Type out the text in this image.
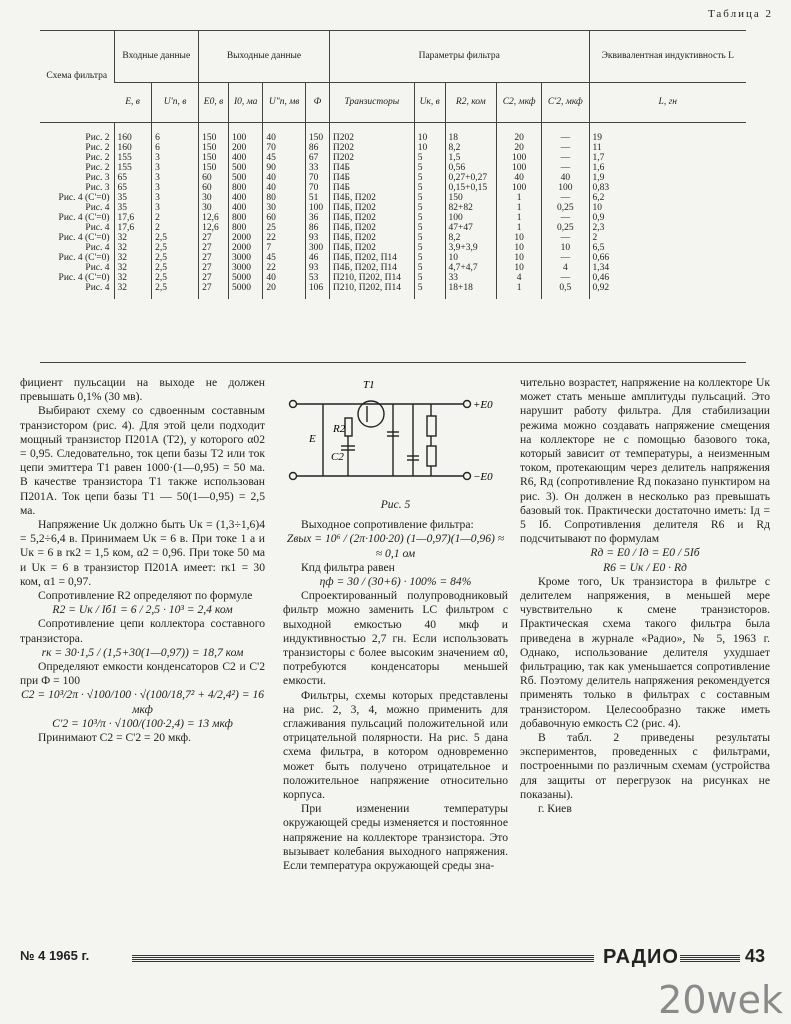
Таблица 2
Схема фильтра	Входные данные		Выходные данные				Параметры фильтра					Эквивалентная индуктивность L
	E, в	U'п, в	E0, в	I0, ма	U"п, мв	Ф	Транзисторы	Uк, в	R2, ком	C2, мкф	C'2, мкф	L, гн
Рис. 2	160	6	150	100	40	150	П202	10	18	20	—	19
Рис. 2	160	6	150	200	70	86	П202	10	8,2	20	—	11
Рис. 2	155	3	150	400	45	67	П202	5	1,5	100	—	1,7
Рис. 2	155	3	150	500	90	33	П4Б	5	0,56	100	—	1,6
Рис. 3	65	3	60	500	40	70	П4Б	5	0,27+0,27	40	40	1,9
Рис. 3	65	3	60	800	40	70	П4Б	5	0,15+0,15	100	100	0,83
Рис. 4 (C'=0)	35	3	30	400	80	51	П4Б, П202	5	150	1	—	6,2
Рис. 4	35	3	30	400	30	100	П4Б, П202	5	82+82	1	0,25	10
Рис. 4 (C'=0)	17,6	2	12,6	800	60	36	П4Б, П202	5	100	1	—	0,9
Рис. 4	17,6	2	12,6	800	25	86	П4Б, П202	5	47+47	1	0,25	2,3
Рис. 4 (C'=0)	32	2,5	27	2000	22	93	П4Б, П202	5	8,2	10	—	2
Рис. 4	32	2,5	27	2000	7	300	П4Б, П202	5	3,9+3,9	10	10	6,5
Рис. 4 (C'=0)	32	2,5	27	3000	45	46	П4Б, П202, П14	5	10	10	—	0,66
Рис. 4	32	2,5	27	3000	22	93	П4Б, П202, П14	5	4,7+4,7	10	4	1,34
Рис. 4 (C'=0)	32	2,5	27	5000	40	53	П210, П202, П14	5	33	4	—	0,46
Рис. 4	32	2,5	27	5000	20	106	П210, П202, П14	5	18+18	1	0,5	0,92

фициент пульсации на выходе не должен превышать 0,1% (30 мв).

Выбирают схему со сдвоенным составным транзистором (рис. 4). Для этой цели подходит мощный транзистор П201А (T2), у которого α02 = 0,95. Следовательно, ток цепи базы T2 или ток цепи эмиттера T1 равен 1000·(1—0,95) = 50 ма. В качестве транзистора T1 также использован П201А. Ток цепи базы T1 — 50(1—0,95) = 2,5 ма.

Напряжение Uк должно быть Uк = (1,3÷1,6)4 = 5,2÷6,4 в. Принимаем Uк = 6 в. При токе 1 а и Uк = 6 в rк2 = 1,5 ком, α2 = 0,96. При токе 50 ма и Uк = 6 в транзистор П201А имеет: rк1 = 30 ком, α1 = 0,97.

Сопротивление R2 определяют по формуле

R2 = Uк / Iб1 = 6 / 2,5 · 10³ = 2,4 ком

Сопротивление цепи коллектора составного транзистора.

rк = 30·1,5 / (1,5+30(1—0,97)) = 18,7 ком

Определяют емкости конденсаторов C2 и C'2 при Ф = 100

C2 = 10³/2π · √100/100 · √(100/18,7² + 4/2,4²) = 16 мкф

C'2 = 10³/π · √100/(100·2,4) = 13 мкф

Принимают C2 = C'2 = 20 мкф.

T1
R2
C2
E
+E0
−E0

Рис. 5

Выходное сопротивление фильтра:

Zвых = 10⁶ / (2π·100·20) (1—0,97)(1—0,96) ≈ ≈ 0,1 ом

Кпд фильтра равен

ηф = 30 / (30+6) · 100% = 84%

Спроектированный полупроводниковый фильтр можно заменить LC фильтром с выходной емкостью 40 мкф и индуктивностью 2,7 гн. Если использовать транзисторы с более высоким значением α0, потребуются конденсаторы меньшей емкости.

Фильтры, схемы которых представлены на рис. 2, 3, 4, можно применить для сглаживания пульсаций положительной или отрицательной полярности. На рис. 5 дана схема фильтра, в котором одновременно может быть получено отрицательное и положительное напряжение относительно корпуса.

При изменении температуры окружающей среды изменяется и постоянное напряжение на коллекторе транзистора. Это вызывает колебания выходного напряжения. Если температура окружающей среды зна-

чительно возрастет, напряжение на коллекторе Uк может стать меньше амплитуды пульсаций. Это нарушит работу фильтра. Для стабилизации режима можно создавать напряжение смещения на коллекторе не с помощью базового тока, который зависит от температуры, а неизменным током, протекающим через делитель напряжения R6, Rд (сопротивление Rд показано пунктиром на рис. 3). Он должен в несколько раз превышать базовый ток. Практически достаточно иметь: Iд = 5 Iб. Сопротивления делителя R6 и Rд подсчитывают по формулам

Rд = E0 / Iд = E0 / 5Iб

R6 = Uк / E0 · Rд

Кроме того, Uк транзистора в фильтре с делителем напряжения, в меньшей мере чувствительно к смене транзисторов. Практическая схема такого фильтра была приведена в журнале «Радио», № 5, 1963 г. Однако, использование делителя ухудшает фильтрацию, так как уменьшается сопротивление Rб. Поэтому делитель напряжения рекомендуется применять только в фильтрах с составным транзистором. Целесообразно также иметь добавочную емкость C2 (рис. 4).

В табл. 2 приведены результаты экспериментов, проведенных с фильтрами, построенными по различным схемам (устройства для защиты от перегрузок на рисунках не показаны).

г. Киев

№ 4 1965 г.	РАДИО	43
20wek
